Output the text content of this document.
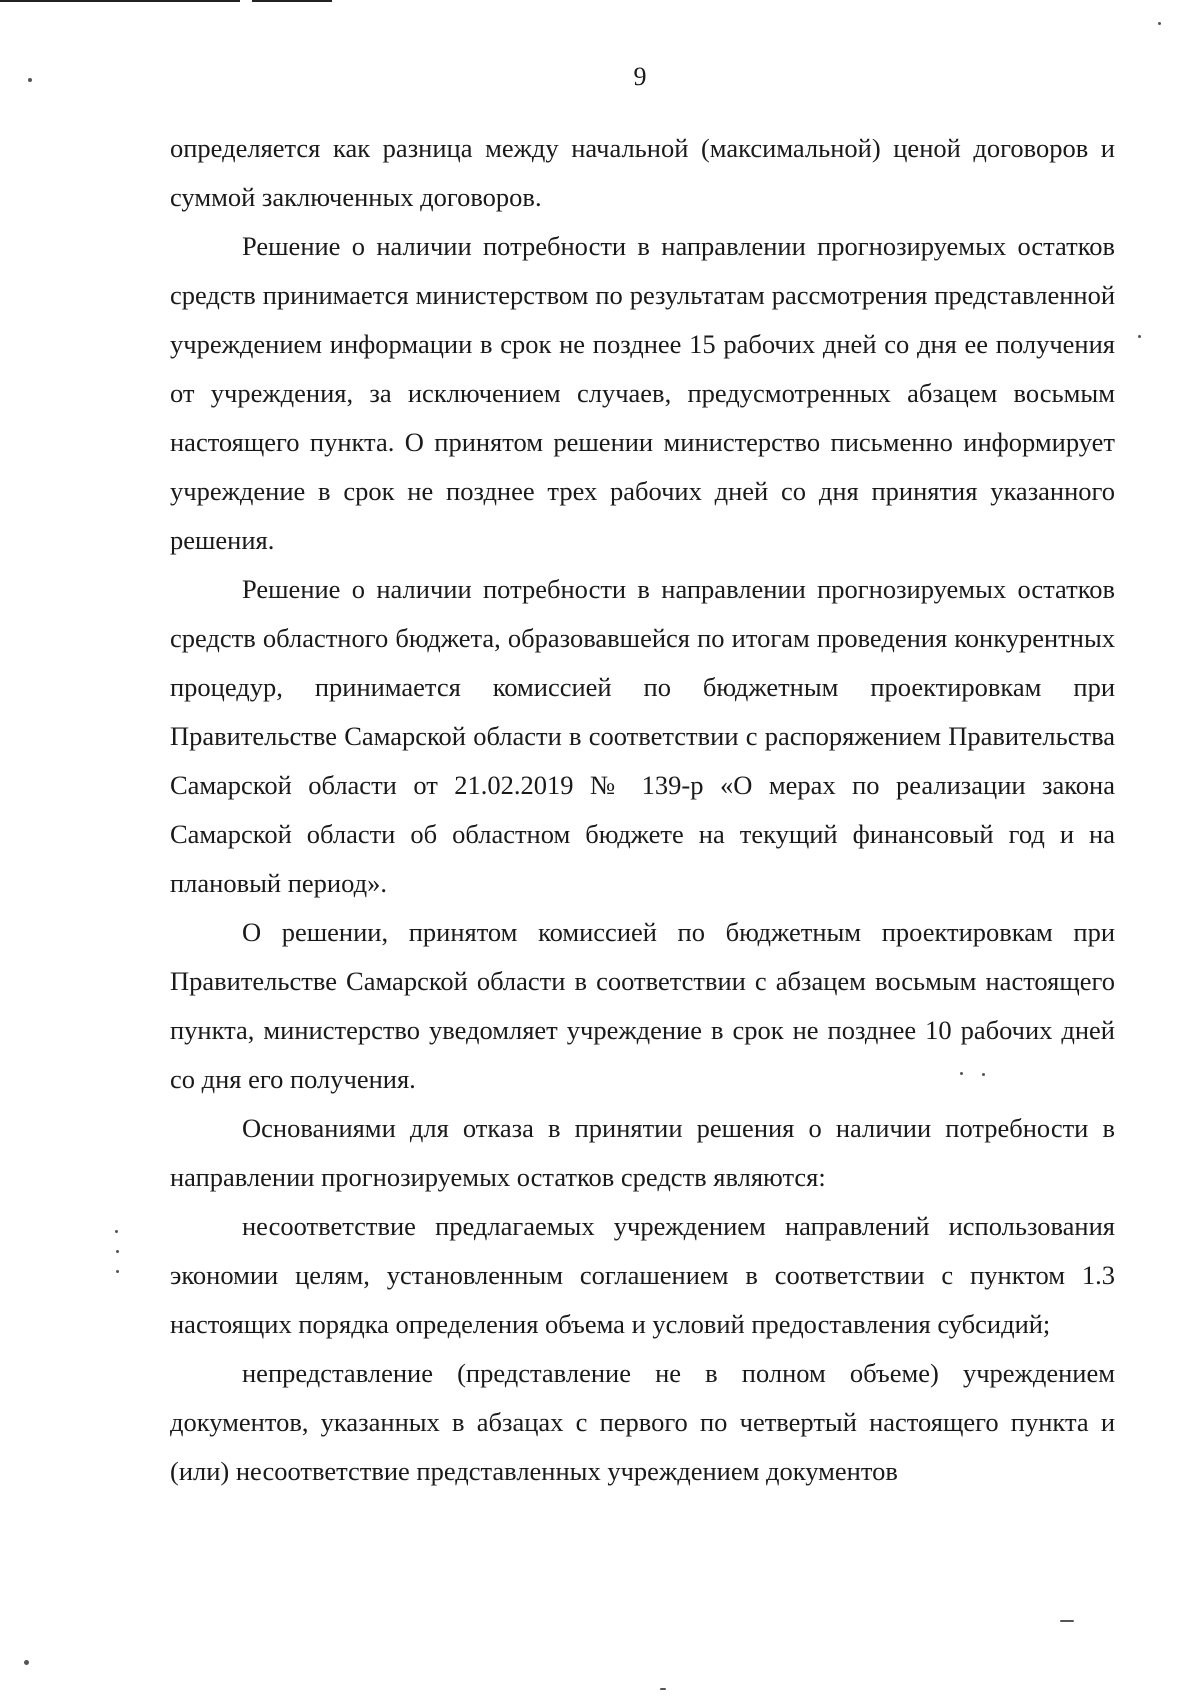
9

определяется как разница между начальной (максимальной) ценой договоров и суммой заключенных договоров.

Решение о наличии потребности в направлении прогнозируемых остатков средств принимается министерством по результатам рассмотрения представленной учреждением информации в срок не позднее 15 рабочих дней со дня ее получения от учреждения, за исключением случаев, предусмотренных абзацем восьмым настоящего пункта. О принятом решении министерство письменно информирует учреждение в срок не позднее трех рабочих дней со дня принятия указанного решения.

Решение о наличии потребности в направлении прогнозируемых остатков средств областного бюджета, образовавшейся по итогам проведения конкурентных процедур, принимается комиссией по бюджетным проектировкам при Правительстве Самарской области в соответствии с распоряжением Правительства Самарской области от 21.02.2019 № 139-р «О мерах по реализации закона Самарской области об областном бюджете на текущий финансовый год и на плановый период».

О решении, принятом комиссией по бюджетным проектировкам при Правительстве Самарской области в соответствии с абзацем восьмым настоящего пункта, министерство уведомляет учреждение в срок не позднее 10 рабочих дней со дня его получения.

Основаниями для отказа в принятии решения о наличии потребности в направлении прогнозируемых остатков средств являются:

несоответствие предлагаемых учреждением направлений использования экономии целям, установленным соглашением в соответствии с пунктом 1.3 настоящих порядка определения объема и условий предоставления субсидий;

непредставление (представление не в полном объеме) учреждением документов, указанных в абзацах с первого по четвертый настоящего пункта и (или) несоответствие представленных учреждением документов
